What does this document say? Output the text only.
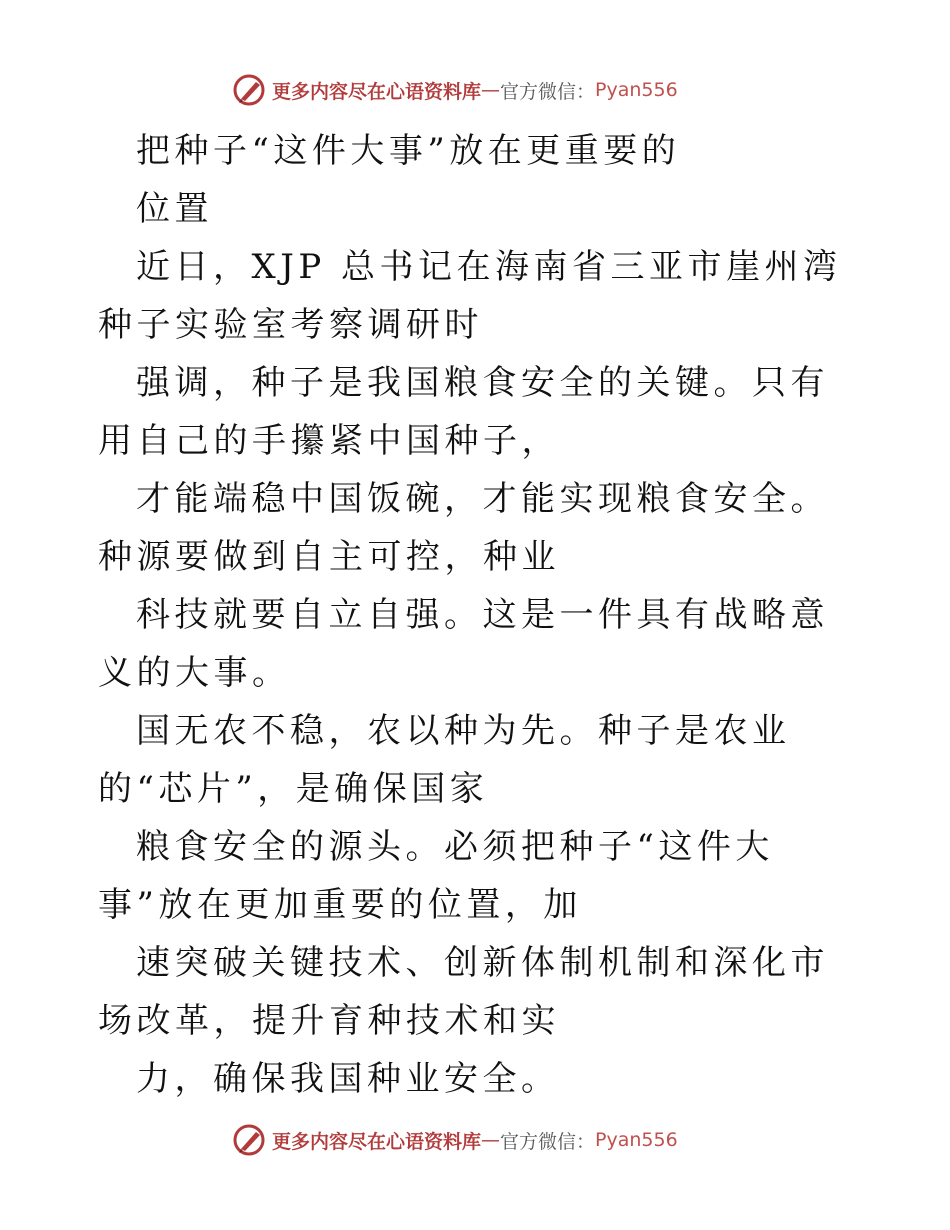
更多内容尽在心语资料库 — 官方微信： Pyan556

把种子“这件大事”放在更重要的

位置

近日，XJP 总书记在海南省三亚市崖州湾种子实验室考察调研时

强调，种子是我国粮食安全的关键。只有用自己的手攥紧中国种子，

才能端稳中国饭碗，才能实现粮食安全。种源要做到自主可控，种业

科技就要自立自强。这是一件具有战略意义的大事。

国无农不稳，农以种为先。种子是农业的“芯片”，是确保国家

粮食安全的源头。必须把种子“这件大事”放在更加重要的位置，加

速突破关键技术、创新体制机制和深化市场改革，提升育种技术和实

力，确保我国种业安全。

更多内容尽在心语资料库 — 官方微信： Pyan556
